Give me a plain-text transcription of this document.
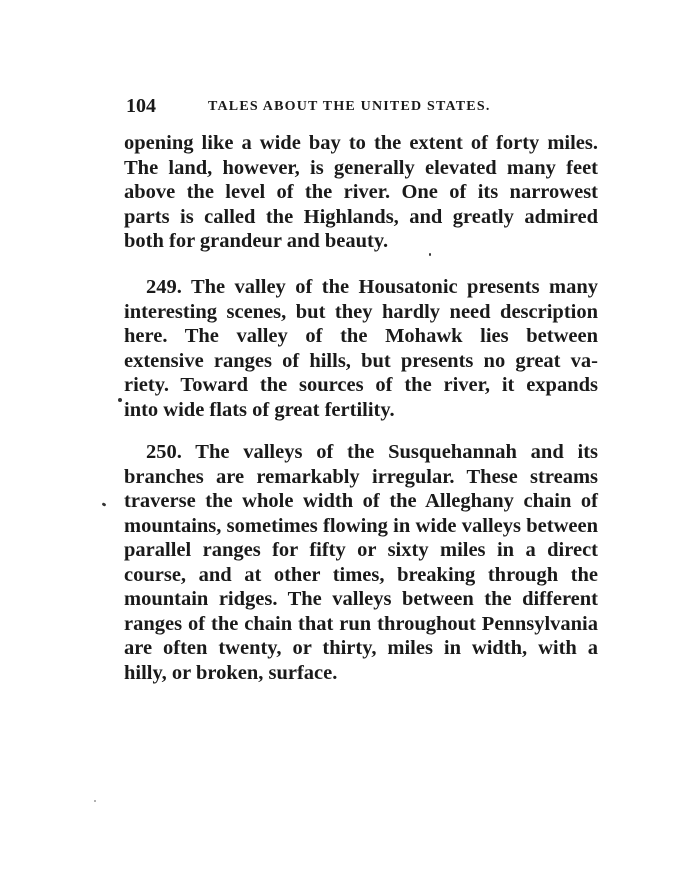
104	TALES ABOUT THE UNITED STATES.
opening like a wide bay to the extent of forty miles.
The land, however, is generally elevated many feet
above the level of the river. One of its narrowest
parts is called the Highlands, and greatly admired
both for grandeur and beauty.
249. The valley of the Housatonic presents many
interesting scenes, but they hardly need description
here. The valley of the Mohawk lies between
extensive ranges of hills, but presents no great va-
riety. Toward the sources of the river, it expands
into wide flats of great fertility.
250. The valleys of the Susquehannah and its
branches are remarkably irregular. These streams
traverse the whole width of the Alleghany chain of
mountains, sometimes flowing in wide valleys between
parallel ranges for fifty or sixty miles in a direct
course, and at other times, breaking through the
mountain ridges. The valleys between the different
ranges of the chain that run throughout Pennsylvania
are often twenty, or thirty, miles in width, with a
hilly, or broken, surface.
